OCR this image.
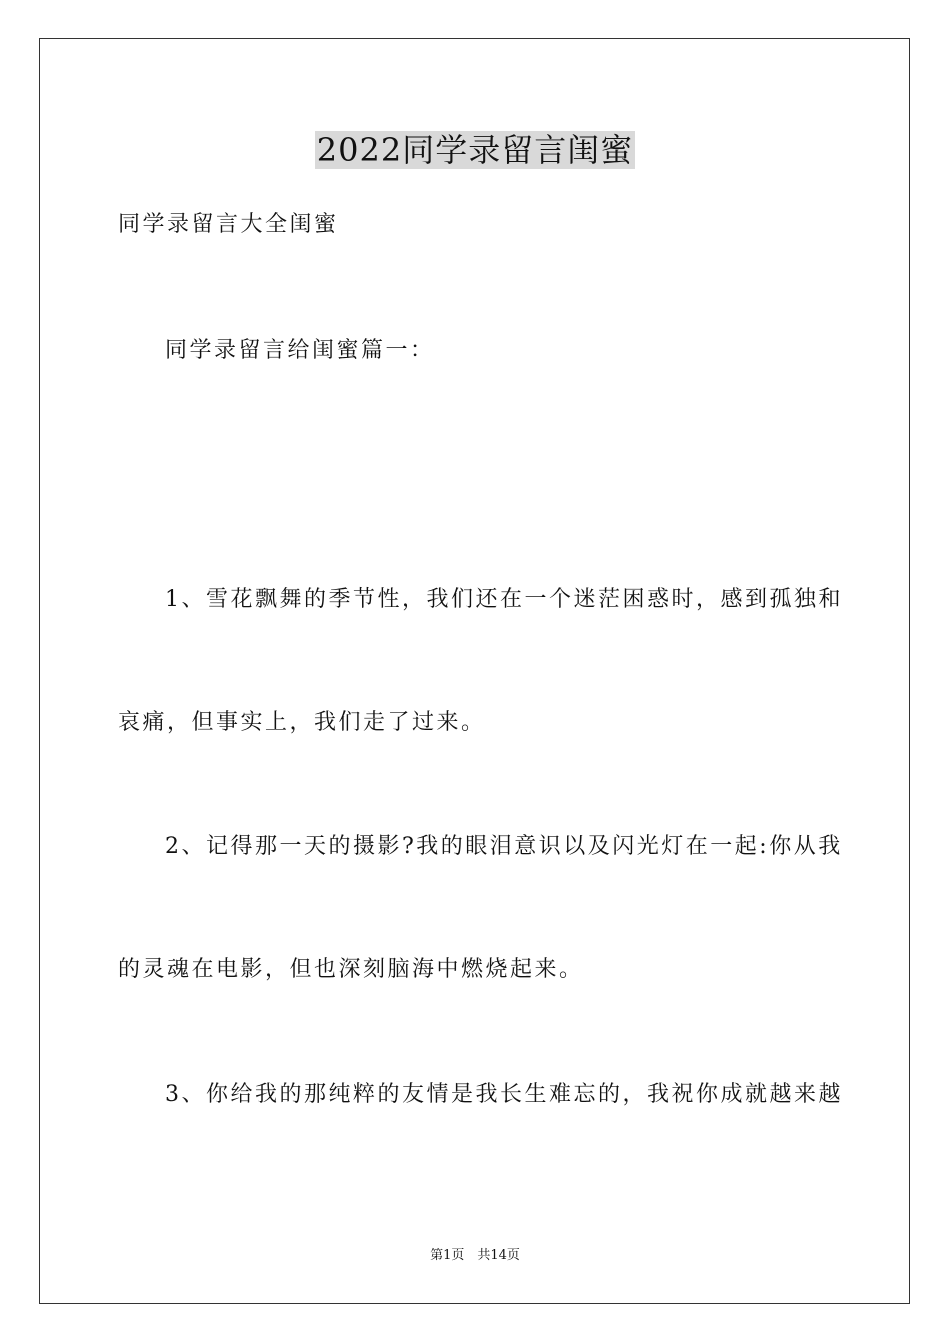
2022同学录留言闺蜜
同学录留言大全闺蜜
同学录留言给闺蜜篇一：
1、雪花飘舞的季节性，我们还在一个迷茫困惑时，感到孤独和
哀痛，但事实上，我们走了过来。
2、记得那一天的摄影?我的眼泪意识以及闪光灯在一起:你从我
的灵魂在电影，但也深刻脑海中燃烧起来。
3、你给我的那纯粹的友情是我长生难忘的，我祝你成就越来越
第1页　共14页
